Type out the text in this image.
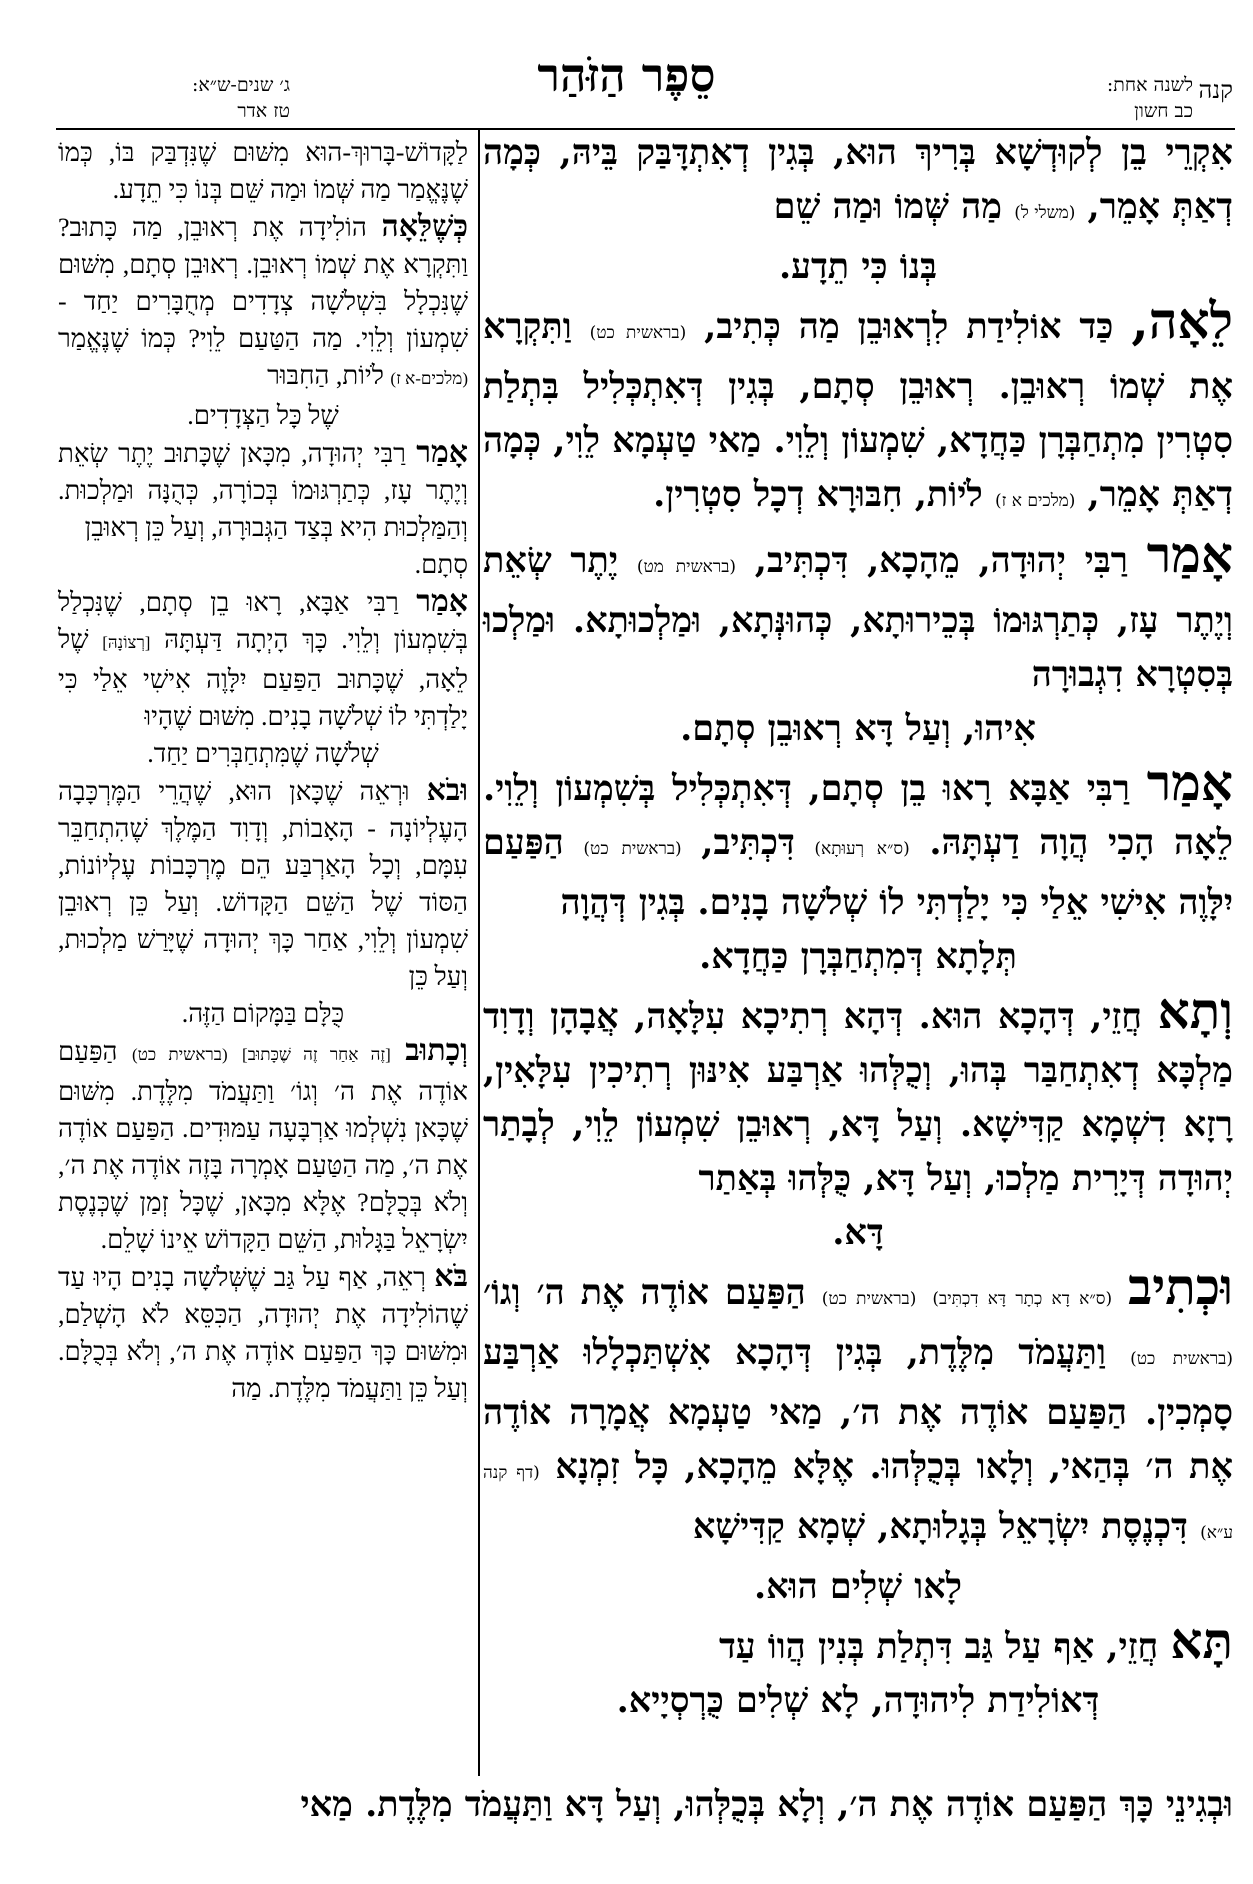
קנה
לשנה אחת:
כב חשון
סֵפֶר הַזֹּהַר
ג׳ שנים-ש״א:
טז אדר

אִקְרֵי בֵן לְקוּדְשָׁא בְּרִיךְ הוּא, בְּגִין דְאִתְדָּבַּק בֵּיהּ, כְּמָה דְאַתְּ אָמֵר, (משלי ל) מַה שְּׁמוֹ וּמַה שֵׁם

בְּנוֹ כִּי תֵדָע.

לֵאָה, כַּד אוֹלִידַת לִרְאוּבֵן מַה כְּתִיב, (בראשית כט) וַתִּקְרָא אֶת שְׁמוֹ רְאוּבֵן. רְאוּבֵן סְתָם, בְּגִין דְּאִתְכְּלִיל בִּתְלַת סִטְרִין מִתְחַבְּרָן כַּחֲדָא, שִׁמְעוֹן וְלֵוִי. מַאי טַעְמָא לֵוִי, כְּמָה דְאַתְּ אָמֵר, (מלכים א ז) לֹיוֹת, חִבּוּרָא דְכָל סִטְרִין.

אָמַר רַבִּי יְהוּדָה, מֵהָכָא, דִּכְתִּיב, (בראשית מט) יֶתֶר שְׂאֵת וְיֶתֶר עָז, כְּתַרְגּוּמוֹ בְּכֵירוּתָא, כְּהוּנְּתָא, וּמַלְכוּתָא. וּמַלְכוּ בְּסִטְרָא דִגְבוּרָה

אִיהוּ, וְעַל דָּא רְאוּבֵן סְתָם.

אָמַר רַבִּי אַבָּא רָאוּ בֵן סְתָם, דְּאִתְכְּלִיל בְּשִׁמְעוֹן וְלֵוִי. לֵאָה הָכִי הֲוָה דַעְתָּהּ. (ס״א רְעוּתָא) דִּכְתִּיב, (בראשית כט) הַפַּעַם יִלָּוֶה אִישִׁי אֵלַי כִּי יָלַדְתִּי לוֹ שְׁלשָׁה בָנִים. בְּגִין דְּהֲוָה

תְּלָתָא דְּמִתְחַבְּרָן כַּחֲדָא.

וְתָא חֲזֵי, דְּהָכָא הוּא. דְּהָא רְתִיכָא עִלָּאָה, אֲבָהָן וְדָוִד מַלְכָּא דְאִתְחַבַּר בְּהוּ, וְכֻלְּהוּ אַרְבַּע אִינּוּן רְתִיכִין עִלָּאִין, רָזָא דִשְׁמָא קַדִּישָׁא. וְעַל דָּא, רְאוּבֵן שִׁמְעוֹן לֵוִי, לְבָתַר יְהוּדָה דְּיָרִית מַלְכוּ, וְעַל דָּא, כֻּלְּהוּ בְּאַתַר

דָּא.

וּכְתִיב (ס״א דָא כְתָר דָּא דִכְתִּיב) (בראשית כט) הַפַּעַם אוֹדֶה אֶת ה׳ וְגוֹ׳ (בראשית כט) וַתַּעֲמֹד מִלֶּדֶת, בְּגִין דְּהָכָא אִשְׁתַּכְלָלוּ אַרְבַּע סָמְכִין. הַפַּעַם אוֹדֶה אֶת ה׳, מַאי טַעְמָא אֲמָרָה אוֹדֶה אֶת ה׳ בְּהַאי, וְלָאו בְּכֻלְּהוּ. אֶלָּא מֵהָכָא, כָּל זִמְנָא (דף קנה ע״א) דִּכְנֶסֶת יִשְׂרָאֵל בְּגָלוּתָא, שְׁמָא קַדִּישָׁא

לָאו שְׁלִים הוּא.

תָּא חֲזֵי, אַף עַל גַּב דִּתְלַת בְּנִין הֲווֹ עַד

דְּאוֹלִידַת לִיהוּדָה, לָא שְׁלִים כֻּרְסְיָיא.

לַקָּדוֹשׁ-בָּרוּךְ-הוּא מִשּׁוּם שֶׁנִּדְבַּק בּוֹ, כְּמוֹ שֶׁנֶּאֱמַר מַה שְּׁמוֹ וּמַה שֵּׁם בְּנוֹ כִּי תֵדָע.

כְּשֶׁלֵּאָה הוֹלִידָה אֶת רְאוּבֵן, מַה כָּתוּב? וַתִּקְרָא אֶת שְׁמוֹ רְאוּבֵן. רְאוּבֵן סְתָם, מִשּׁוּם שֶׁנִּכְלָל בִּשְׁלֹשָׁה צְדָדִים מְחֻבָּרִים יַחַד - שִׁמְעוֹן וְלֵוִי. מַה הַטַּעַם לֵוִי? כְּמוֹ שֶׁנֶּאֱמַר (מלכים-א ז) לֹיוֹת, הַחִבּוּר

שֶׁל כָּל הַצְּדָדִים.

אָמַר רַבִּי יְהוּדָה, מִכָּאן שֶׁכָּתוּב יֶתֶר שְׂאֵת וְיֶתֶר עָז, כְּתַרְגּוּמוֹ בְּכוֹרָה, כְּהֻנָּה וּמַלְכוּת. וְהַמַּלְכוּת הִיא בְּצַד הַגְּבוּרָה, וְעַל כֵּן רְאוּבֵן

סְתָם.

אָמַר רַבִּי אַבָּא, רָאוּ בֵן סְתָם, שֶׁנִּכְלַל בְּשִׁמְעוֹן וְלֵוִי. כָּךְ הָיְתָה דַּעְתָּהּ [רְצוֹנָהּ] שֶׁל לֵאָה, שֶׁכָּתוּב הַפַּעַם יִלָּוֶה אִישִׁי אֵלַי כִּי יָלַדְתִּי לוֹ שְׁלֹשָׁה בָנִים. מִשּׁוּם שֶׁהָיוּ

שְׁלֹשָׁה שֶׁמִּתְחַבְּרִים יַחַד.

וּבֹא וּרְאֵה שֶׁכָּאן הוּא, שֶׁהֲרֵי הַמֶּרְכָּבָה הָעֶלְיוֹנָה - הָאָבוֹת, וְדָוִד הַמֶּלֶךְ שֶׁהִתְחַבֵּר עִמָּם, וְכָל הָאַרְבַּע הֵם מֶרְכָּבוֹת עֶלְיוֹנוֹת, הַסּוֹד שֶׁל הַשֵּׁם הַקָּדוֹשׁ. וְעַל כֵּן רְאוּבֵן שִׁמְעוֹן וְלֵוִי, אַחַר כָּךְ יְהוּדָה שֶׁיָּרַשׁ מַלְכוּת, וְעַל כֵּן

כֻּלָּם בַּמָּקוֹם הַזֶּה.

וְכָתוּב [זֶה אַחַר זֶה שֶׁכָּתוּב] (בראשית כט) הַפַּעַם אוֹדֶה אֶת ה׳ וְגוֹ׳ וַתַּעֲמֹד מִלֶּדֶת. מִשּׁוּם שֶׁכָּאן נִשְׁלְמוּ אַרְבָּעָה עַמּוּדִים. הַפַּעַם אוֹדֶה אֶת ה׳, מַה הַטַּעַם אָמְרָה בָּזֶה אוֹדֶה אֶת ה׳, וְלֹא בְּכֻלָּם? אֶלָּא מִכָּאן, שֶׁכָּל זְמַן שֶׁכְּנֶסֶת יִשְׂרָאֵל בַּגָּלוּת, הַשֵּׁם הַקָּדוֹשׁ אֵינוֹ שָׁלֵם.

בֹּא רְאֵה, אַף עַל גַּב שֶׁשְּׁלֹשָׁה בָנִים הָיוּ עַד שֶׁהוֹלִידָה אֶת יְהוּדָה, הַכִּסֵּא לֹא הָשְׁלַם, וּמִשּׁוּם כָּךְ הַפַּעַם אוֹדֶה אֶת ה׳, וְלֹא בְּכֻלָּם. וְעַל כֵּן וַתַּעֲמֹד מִלֶּדֶת. מַה

וּבְגִינֵי כָּךְ הַפַּעַם אוֹדֶה אֶת ה׳, וְלָא בְּכֻלְּהוּ, וְעַל דָּא וַתַּעֲמֹד מִלֶּדֶת. מַאי
